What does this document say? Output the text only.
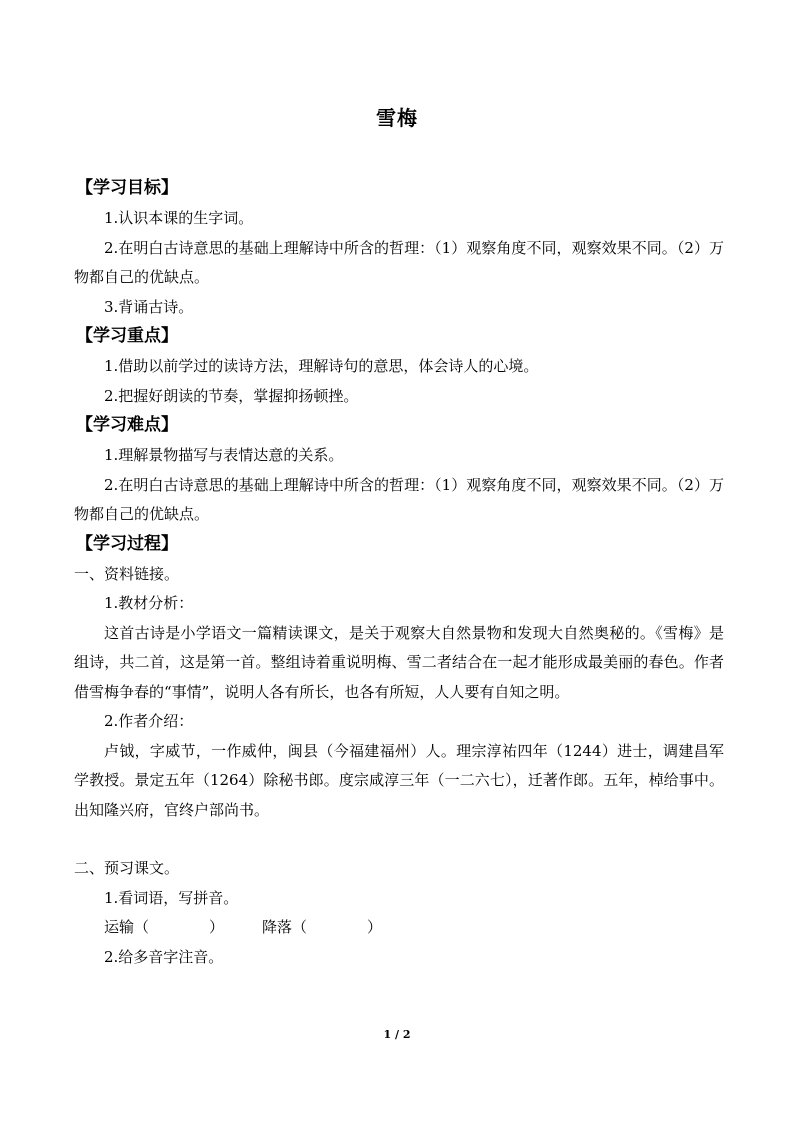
雪梅
【学习目标】
1.认识本课的生字词。
2.在明白古诗意思的基础上理解诗中所含的哲理：（1）观察角度不同，观察效果不同。（2）万物都自己的优缺点。
3.背诵古诗。
【学习重点】
1.借助以前学过的读诗方法，理解诗句的意思，体会诗人的心境。
2.把握好朗读的节奏，掌握抑扬顿挫。
【学习难点】
1.理解景物描写与表情达意的关系。
2.在明白古诗意思的基础上理解诗中所含的哲理：（1）观察角度不同，观察效果不同。（2）万物都自己的优缺点。
【学习过程】
一、资料链接。
1.教材分析：
这首古诗是小学语文一篇精读课文，是关于观察大自然景物和发现大自然奥秘的。《雪梅》是组诗，共二首，这是第一首。整组诗着重说明梅、雪二者结合在一起才能形成最美丽的春色。作者借雪梅争春的“事情”，说明人各有所长，也各有所短，人人要有自知之明。
2.作者介绍：
卢钺，字威节，一作威仲，闽县（今福建福州）人。理宗淳祐四年（1244）进士，调建昌军学教授。景定五年（1264）除秘书郎。度宗咸淳三年（一二六七），迁著作郎。五年，棹给事中。出知隆兴府，官终户部尚书。
二、预习课文。
1.看词语，写拼音。
运输（	）	降落（	）
2.给多音字注音。
1 / 2
